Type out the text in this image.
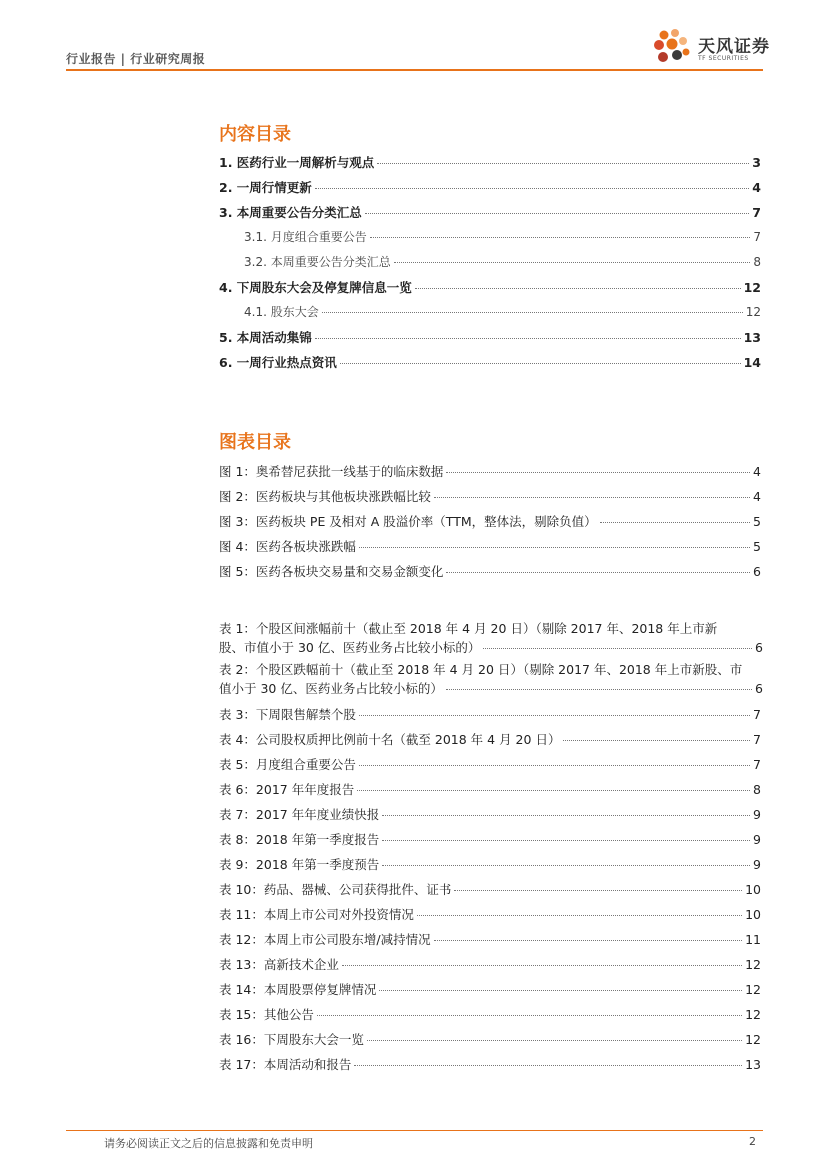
行业报告 | 行业研究周报
天风证券
TF SECURITIES
内容目录
1. 医药行业一周解析与观点	3
2. 一周行情更新	4
3. 本周重要公告分类汇总	7
3.1. 月度组合重要公告	7
3.2. 本周重要公告分类汇总	8
4. 下周股东大会及停复牌信息一览	12
4.1. 股东大会	12
5. 本周活动集锦	13
6. 一周行业热点资讯	14
图表目录
图 1：奥希替尼获批一线基于的临床数据	4
图 2：医药板块与其他板块涨跌幅比较	4
图 3：医药板块 PE 及相对 A 股溢价率（TTM，整体法，剔除负值）	5
图 4：医药各板块涨跌幅	5
图 5：医药各板块交易量和交易金额变化	6
表 1：个股区间涨幅前十（截止至 2018 年 4 月 20 日）（剔除 2017 年、2018 年上市新
股、市值小于 30 亿、医药业务占比较小标的）	6
表 2：个股区跌幅前十（截止至 2018 年 4 月 20 日）（剔除 2017 年、2018 年上市新股、市
值小于 30 亿、医药业务占比较小标的）	6
表 3：下周限售解禁个股	7
表 4：公司股权质押比例前十名（截至 2018 年 4 月 20 日）	7
表 5：月度组合重要公告	7
表 6：2017 年年度报告	8
表 7：2017 年年度业绩快报	9
表 8：2018 年第一季度报告	9
表 9：2018 年第一季度预告	9
表 10：药品、器械、公司获得批件、证书	10
表 11：本周上市公司对外投资情况	10
表 12：本周上市公司股东增/减持情况	11
表 13：高新技术企业	12
表 14：本周股票停复牌情况	12
表 15：其他公告	12
表 16：下周股东大会一览	12
表 17：本周活动和报告	13
请务必阅读正文之后的信息披露和免责申明	2
